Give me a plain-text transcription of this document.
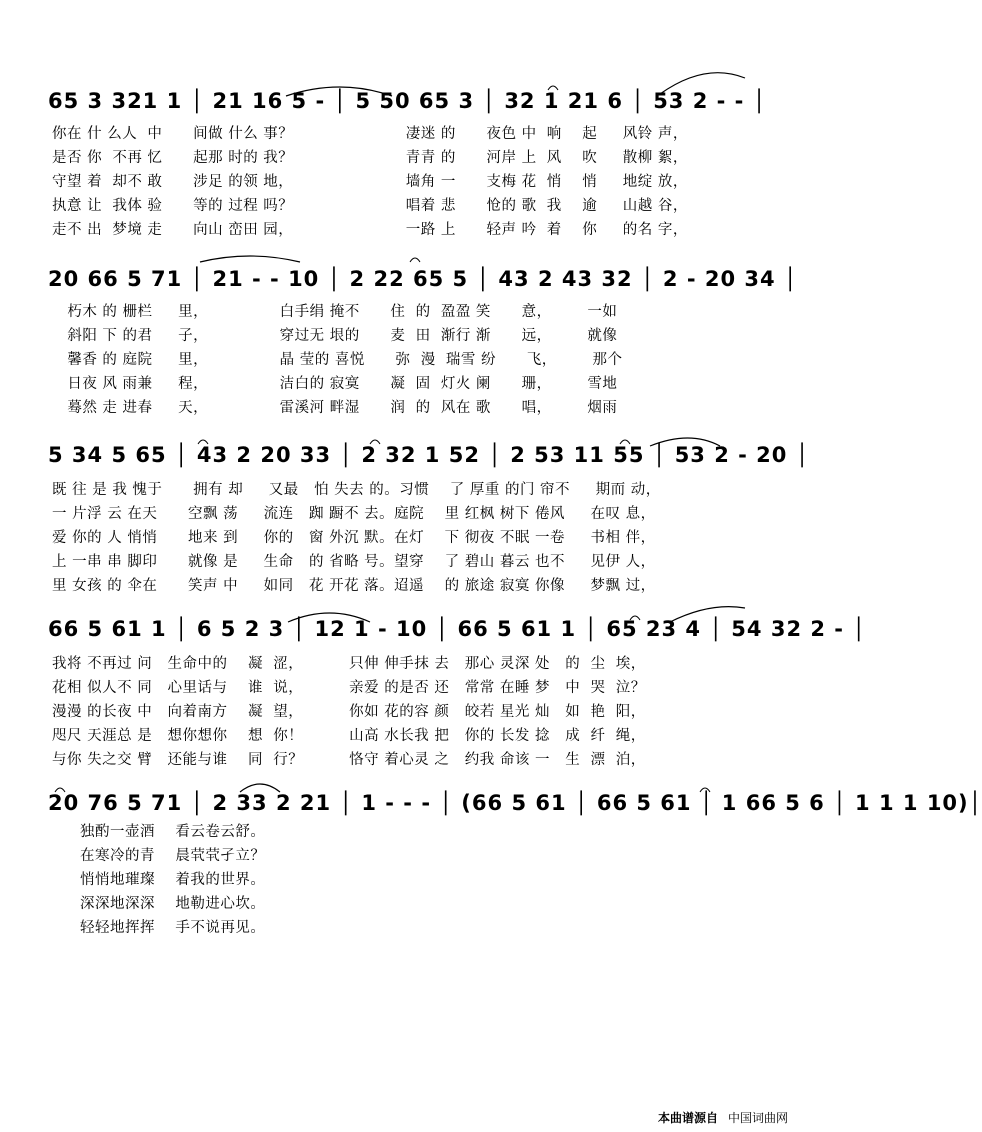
65 3 321 1 │ 21 16 5 - │ 5 50 65 3 │ 32 1 21 6 │ 53 2 - - │
你在 什 么人  中      间做 什么 事？                      凄迷 的      夜色 中  响    起     风铃 声，
是否 你  不再 忆      起那 时的 我？                      青青 的      河岸 上  风    吹     散柳 絮，
守望 着  却不 敢      涉足 的领 地，                      墙角 一      支梅 花  悄    悄     地绽 放，
执意 让  我体 验      等的 过程 吗？                      唱着 悲      怆的 歌  我    逾     山越 谷，
走不 出  梦境 走      向山 峦田 园，                      一路 上      轻声 吟  着    你     的名 字，
20 66 5 71 │ 21 - - 10 │ 2 22 65 5 │ 43 2 43 32 │ 2 - 20 34 │
朽木 的 栅栏     里，              白手绢 掩不      住  的  盈盈 笑      意，       一如
斜阳 下 的君     子，              穿过无 垠的      麦  田  渐行 渐      远，       就像
馨香 的 庭院     里，              晶 莹的 喜悦      弥  漫  瑞雪 纷      飞，       那个
日夜 风 雨兼     程，              洁白的 寂寞      凝  固  灯火 阑      珊，       雪地
蓦然 走 进春     天，              雷溪河 畔湿      润  的  风在 歌      唱，       烟雨
5 34 5 65 │ 43 2 20 33 │ 2 32 1 52 │ 2 53 11 55 │ 53 2 - 20 │
既 往 是 我 愧于      拥有 却     又最   怕 失去 的。习惯    了 厚重 的门 帘不     期而 动，
一 片浮 云 在天      空飘 荡     流连   踟 蹰不 去。庭院    里 红枫 树下 倦风     在叹 息，
爱 你的 人 悄悄      地来 到     你的   窗 外沉 默。在灯    下 彻夜 不眠 一卷     书相 伴，
上 一串 串 脚印      就像 是     生命   的 省略 号。望穿    了 碧山 暮云 也不     见伊 人，
里 女孩 的 伞在      笑声 中     如同   花 开花 落。迢遥    的 旅途 寂寞 你像     梦飘 过，
66 5 61 1 │ 6 5 2 3 │ 12 1 - 10 │ 66 5 61 1 │ 65 23 4 │ 54 32 2 - │
我将 不再过 问   生命中的    凝  涩，         只伸 伸手抹 去   那心 灵深 处   的  尘  埃，
花相 似人不 同   心里话与    谁  说，         亲爱 的是否 还   常常 在睡 梦   中  哭  泣？
漫漫 的长夜 中   向着南方    凝  望，         你如 花的容 颜   皎若 星光 灿   如  艳  阳，
咫尺 天涯总 是   想你想你    想  你！         山高 水长我 把   你的 长发 捻   成  纤  绳，
与你 失之交 臂   还能与谁    同  行？         恪守 着心灵 之   约我 命该 一   生  漂  泊，
20 76 5 71 │ 2 33 2 21 │ 1 - - - │ (66 5 61 │ 66 5 61 │ 1 66 5 6 │ 1 1 1 10)│
独酌一壶酒    看云卷云舒。
在寒冷的青    晨茕茕孑立？
悄悄地璀璨    着我的世界。
深深地深深    地勒进心坎。
轻轻地挥挥    手不说再见。

本曲谱源自 中国词曲网
